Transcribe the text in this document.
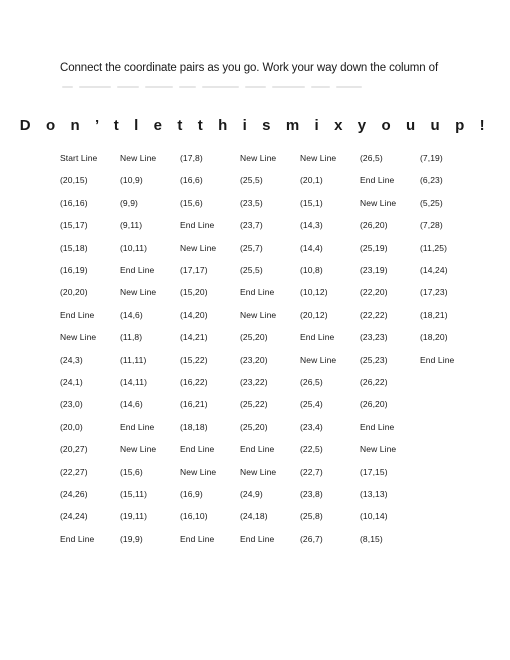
Connect the coordinate pairs as you go. Work your way down the column of
D o n ’ t l e t t h i s m i x y o u u p !
Start Line
(20,15)
(16,16)
(15,17)
(15,18)
(16,19)
(20,20)
End Line
New Line
(24,3)
(24,1)
(23,0)
(20,0)
(20,27)
(22,27)
(24,26)
(24,24)
End Line
New Line
(10,9)
(9,9)
(9,11)
(10,11)
End Line
New Line
(14,6)
(11,8)
(11,11)
(14,11)
(14,6)
End Line
New Line
(15,6)
(15,11)
(19,11)
(19,9)
(17,8)
(16,6)
(15,6)
End Line
New Line
(17,17)
(15,20)
(14,20)
(14,21)
(15,22)
(16,22)
(16,21)
(18,18)
End Line
New Line
(16,9)
(16,10)
End Line
New Line
(25,5)
(23,5)
(23,7)
(25,7)
(25,5)
End Line
New Line
(25,20)
(23,20)
(23,22)
(25,22)
(25,20)
End Line
New Line
(24,9)
(24,18)
End Line
New Line
(20,1)
(15,1)
(14,3)
(14,4)
(10,8)
(10,12)
(20,12)
End Line
New Line
(26,5)
(25,4)
(23,4)
(22,5)
(22,7)
(23,8)
(25,8)
(26,7)
(26,5)
End Line
New Line
(26,20)
(25,19)
(23,19)
(22,20)
(22,22)
(23,23)
(25,23)
(26,22)
(26,20)
End Line
New Line
(17,15)
(13,13)
(10,14)
(8,15)
(7,19)
(6,23)
(5,25)
(7,28)
(11,25)
(14,24)
(17,23)
(18,21)
(18,20)
End Line
